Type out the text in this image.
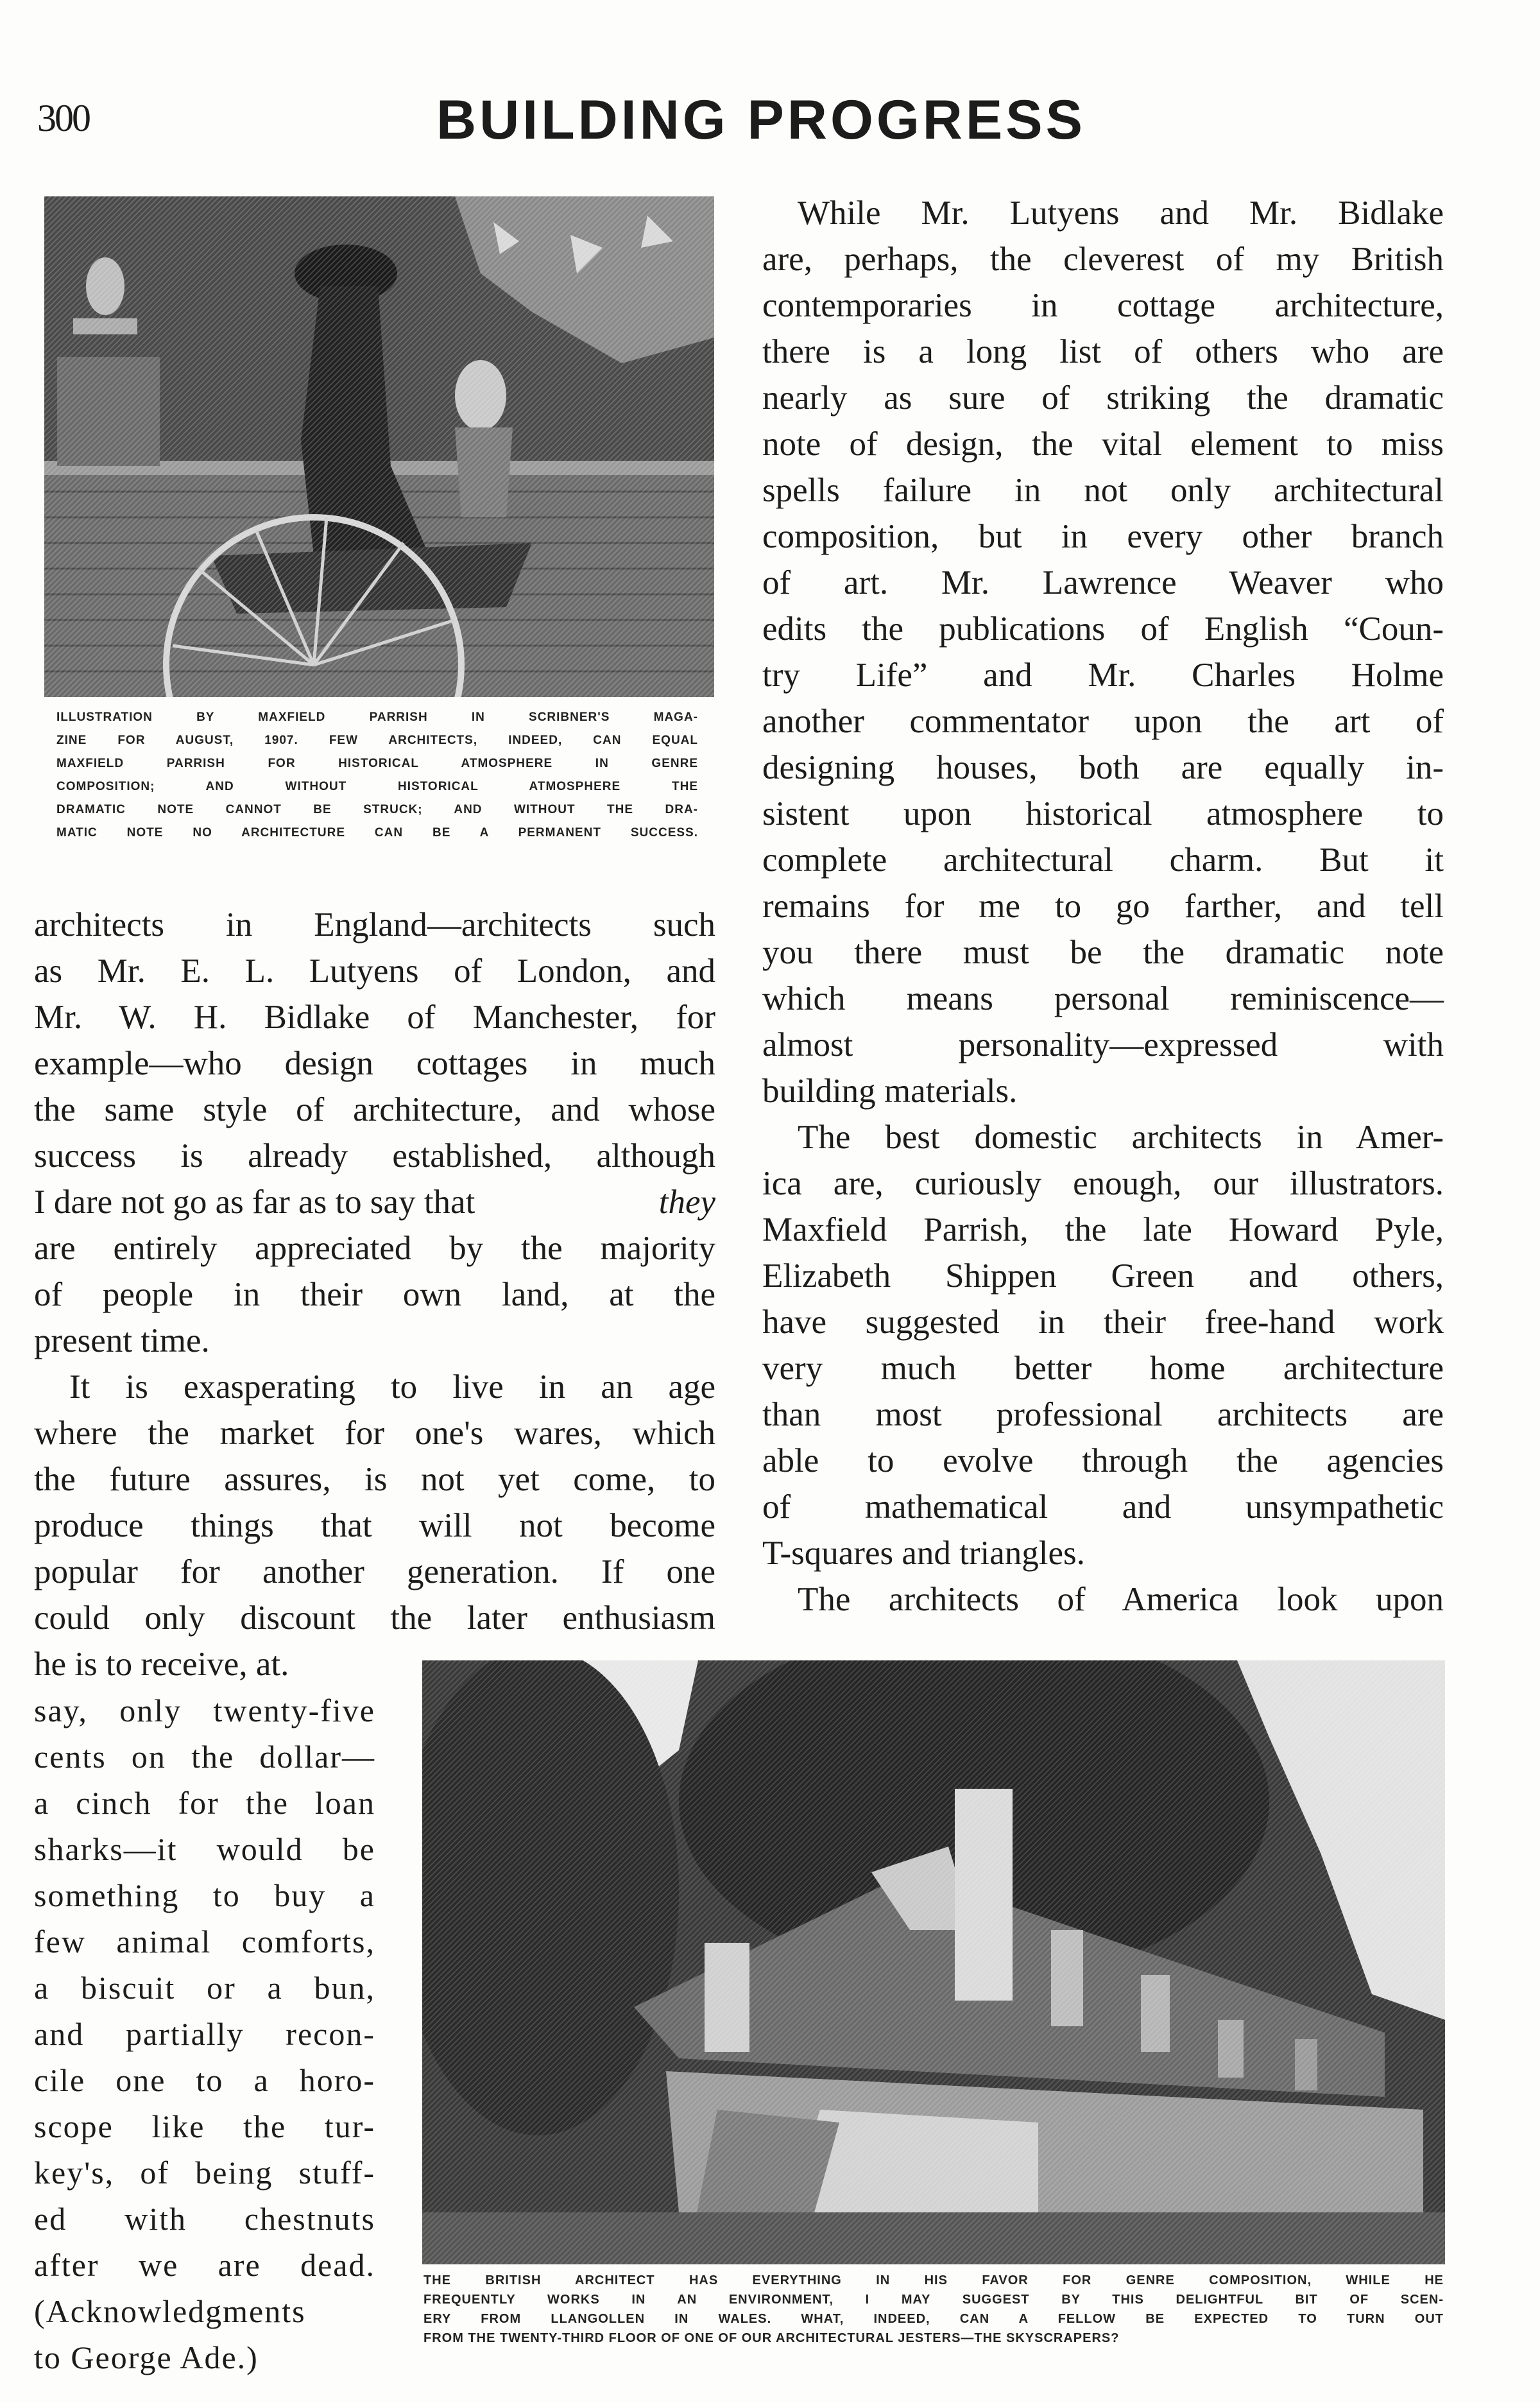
300	BUILDING PROGRESS
ILLUSTRATION BY MAXFIELD PARRISH IN SCRIBNER'S MAGA-
ZINE FOR AUGUST, 1907. FEW ARCHITECTS, INDEED, CAN EQUAL
MAXFIELD PARRISH FOR HISTORICAL ATMOSPHERE IN GENRE
COMPOSITION; AND WITHOUT HISTORICAL ATMOSPHERE THE
DRAMATIC NOTE CANNOT BE STRUCK; AND WITHOUT THE DRA-
MATIC NOTE NO ARCHITECTURE CAN BE A PERMANENT SUCCESS.
architects in England—architects such
as Mr. E. L. Lutyens of London, and
Mr. W. H. Bidlake of Manchester, for
example—who design cottages in much
the same style of architecture, and whose
success is already established, although
I dare not go as far as to say that	they
are entirely appreciated by the majority
of people in their own land, at the
present time.
It is exasperating to live in an age
where the market for one's wares, which
the future assures, is not yet come, to
produce things that will not become
popular for another generation. If one
could only discount the later enthusiasm
he is to receive, at.
say, only twenty-five
cents on the dollar—
a cinch for the loan
sharks—it would be
something to buy a
few animal comforts,
a biscuit or a bun,
and partially recon-
cile one to a horo-
scope like the tur-
key's, of being stuff-
ed with chestnuts
after we are dead.
(Acknowledgments
to George Ade.)
While Mr. Lutyens and Mr. Bidlake
are, perhaps, the cleverest of my British
contemporaries in cottage architecture,
there is a long list of others who are
nearly as sure of striking the dramatic
note of design, the vital element to miss
spells failure in not only architectural
composition, but in every other branch
of art. Mr. Lawrence Weaver who
edits the publications of English “Coun-
try Life” and Mr. Charles Holme
another commentator upon the art of
designing houses, both are equally in-
sistent upon historical atmosphere to
complete architectural charm. But it
remains for me to go farther, and tell
you there must be the dramatic note
which means personal reminiscence—
almost personality—expressed with
building materials.
The best domestic architects in Amer-
ica are, curiously enough, our illustrators.
Maxfield Parrish, the late Howard Pyle,
Elizabeth Shippen Green and others,
have suggested in their free-hand work
very much better home architecture
than most professional architects are
able to evolve through the agencies
of mathematical and unsympathetic
T-squares and triangles.
The architects of America look upon
THE BRITISH ARCHITECT HAS EVERYTHING IN HIS FAVOR FOR GENRE COMPOSITION, WHILE HE
FREQUENTLY WORKS IN AN ENVIRONMENT, I MAY SUGGEST BY THIS DELIGHTFUL BIT OF SCEN-
ERY FROM LLANGOLLEN IN WALES. WHAT, INDEED, CAN A FELLOW BE EXPECTED TO TURN OUT
FROM THE TWENTY-THIRD FLOOR OF ONE OF OUR ARCHITECTURAL JESTERS—THE SKYSCRAPERS?
